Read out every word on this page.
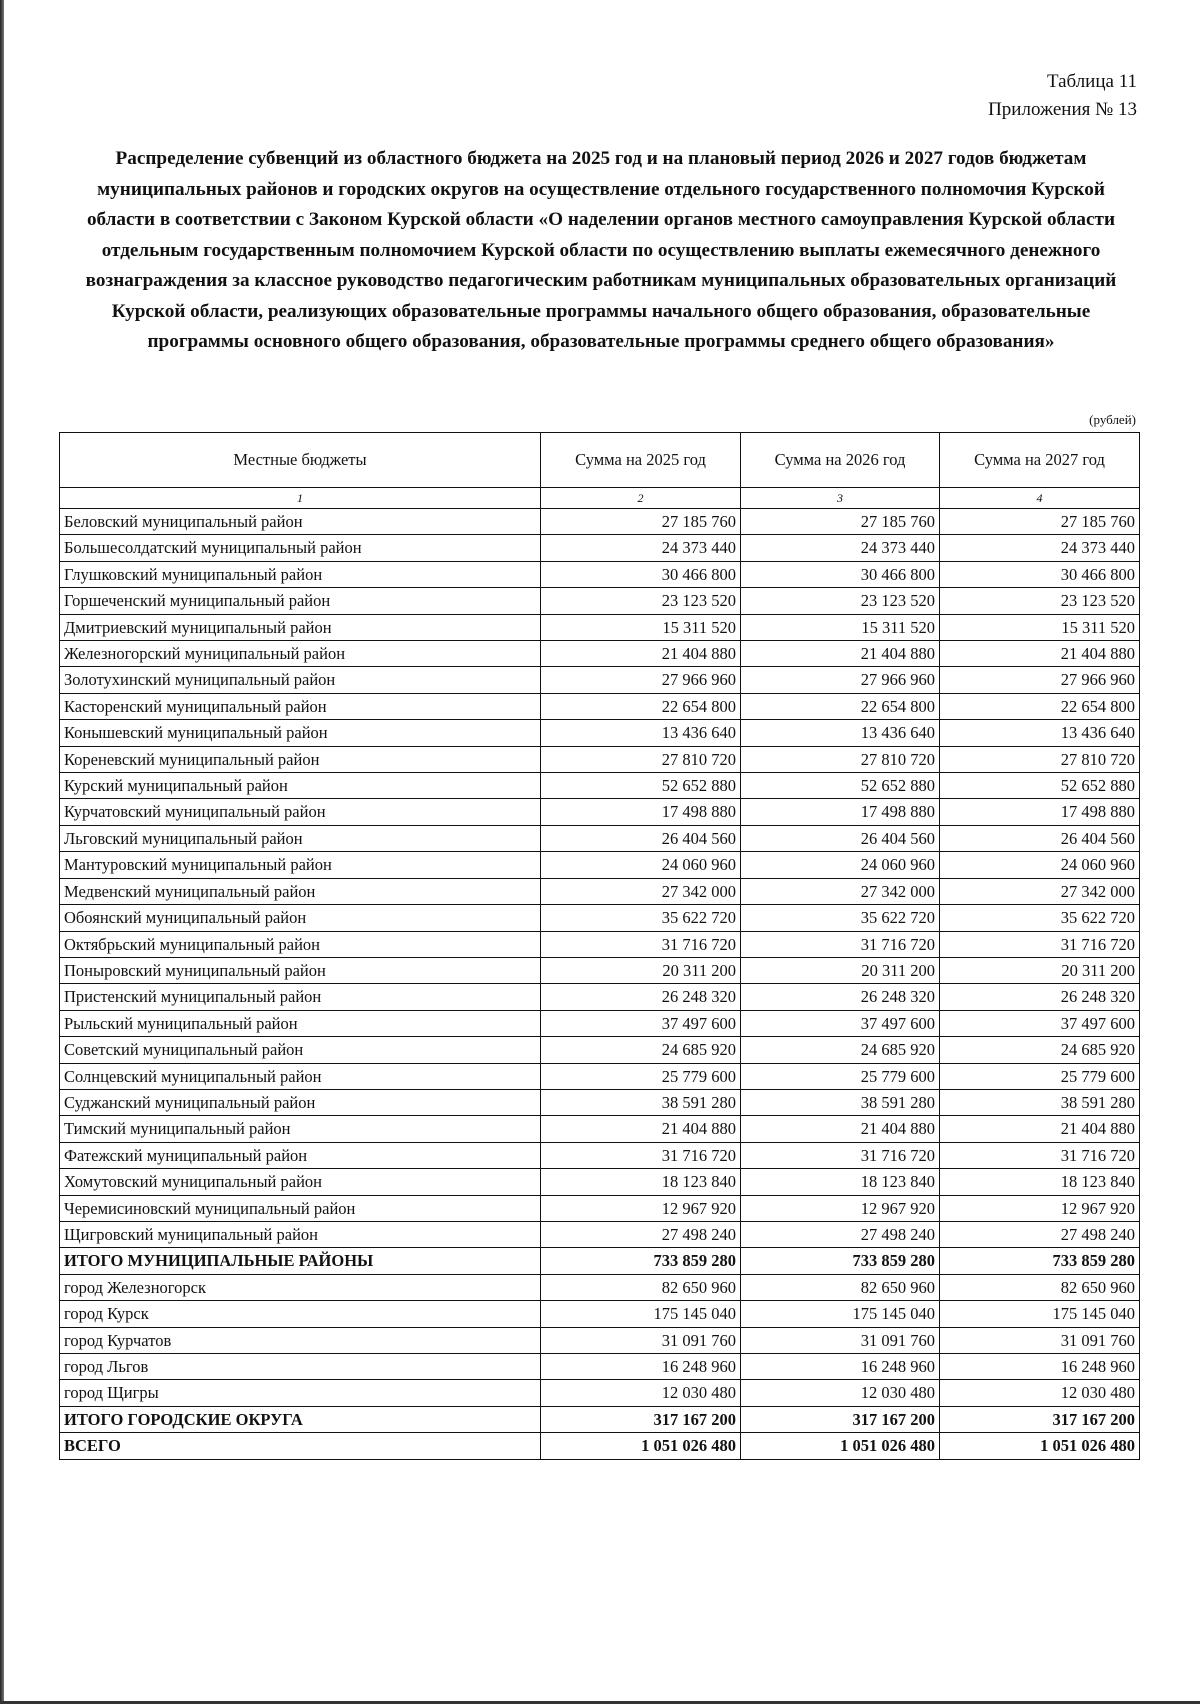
Таблица 11
Приложения № 13
Распределение субвенций из областного бюджета на 2025 год и на плановый период 2026 и 2027 годов бюджетам муниципальных районов и городских округов на осуществление отдельного государственного полномочия Курской области в соответствии с Законом Курской области «О наделении органов местного самоуправления Курской области отдельным государственным полномочием Курской области по осуществлению выплаты ежемесячного денежного вознаграждения за классное руководство педагогическим работникам муниципальных образовательных организаций Курской области, реализующих образовательные программы начального общего образования, образовательные программы основного общего образования, образовательные программы среднего общего образования»
(рублей)
Местные бюджеты	Сумма на 2025 год	Сумма на 2026 год	Сумма на 2027 год
1	2	3	4
Беловский муниципальный район	27 185 760	27 185 760	27 185 760
Большесолдатский муниципальный район	24 373 440	24 373 440	24 373 440
Глушковский муниципальный район	30 466 800	30 466 800	30 466 800
Горшеченский муниципальный район	23 123 520	23 123 520	23 123 520
Дмитриевский муниципальный район	15 311 520	15 311 520	15 311 520
Железногорский муниципальный район	21 404 880	21 404 880	21 404 880
Золотухинский муниципальный район	27 966 960	27 966 960	27 966 960
Касторенский муниципальный район	22 654 800	22 654 800	22 654 800
Конышевский муниципальный район	13 436 640	13 436 640	13 436 640
Кореневский муниципальный район	27 810 720	27 810 720	27 810 720
Курский муниципальный район	52 652 880	52 652 880	52 652 880
Курчатовский муниципальный район	17 498 880	17 498 880	17 498 880
Льговский муниципальный район	26 404 560	26 404 560	26 404 560
Мантуровский муниципальный район	24 060 960	24 060 960	24 060 960
Медвенский муниципальный район	27 342 000	27 342 000	27 342 000
Обоянский муниципальный район	35 622 720	35 622 720	35 622 720
Октябрьский муниципальный район	31 716 720	31 716 720	31 716 720
Поныровский муниципальный район	20 311 200	20 311 200	20 311 200
Пристенский муниципальный район	26 248 320	26 248 320	26 248 320
Рыльский муниципальный район	37 497 600	37 497 600	37 497 600
Советский муниципальный район	24 685 920	24 685 920	24 685 920
Солнцевский муниципальный район	25 779 600	25 779 600	25 779 600
Суджанский муниципальный район	38 591 280	38 591 280	38 591 280
Тимский муниципальный район	21 404 880	21 404 880	21 404 880
Фатежский муниципальный район	31 716 720	31 716 720	31 716 720
Хомутовский муниципальный район	18 123 840	18 123 840	18 123 840
Черемисиновский муниципальный район	12 967 920	12 967 920	12 967 920
Щигровский муниципальный район	27 498 240	27 498 240	27 498 240
ИТОГО МУНИЦИПАЛЬНЫЕ РАЙОНЫ	733 859 280	733 859 280	733 859 280
город Железногорск	82 650 960	82 650 960	82 650 960
город Курск	175 145 040	175 145 040	175 145 040
город Курчатов	31 091 760	31 091 760	31 091 760
город Льгов	16 248 960	16 248 960	16 248 960
город Щигры	12 030 480	12 030 480	12 030 480
ИТОГО ГОРОДСКИЕ ОКРУГА	317 167 200	317 167 200	317 167 200
ВСЕГО	1 051 026 480	1 051 026 480	1 051 026 480
